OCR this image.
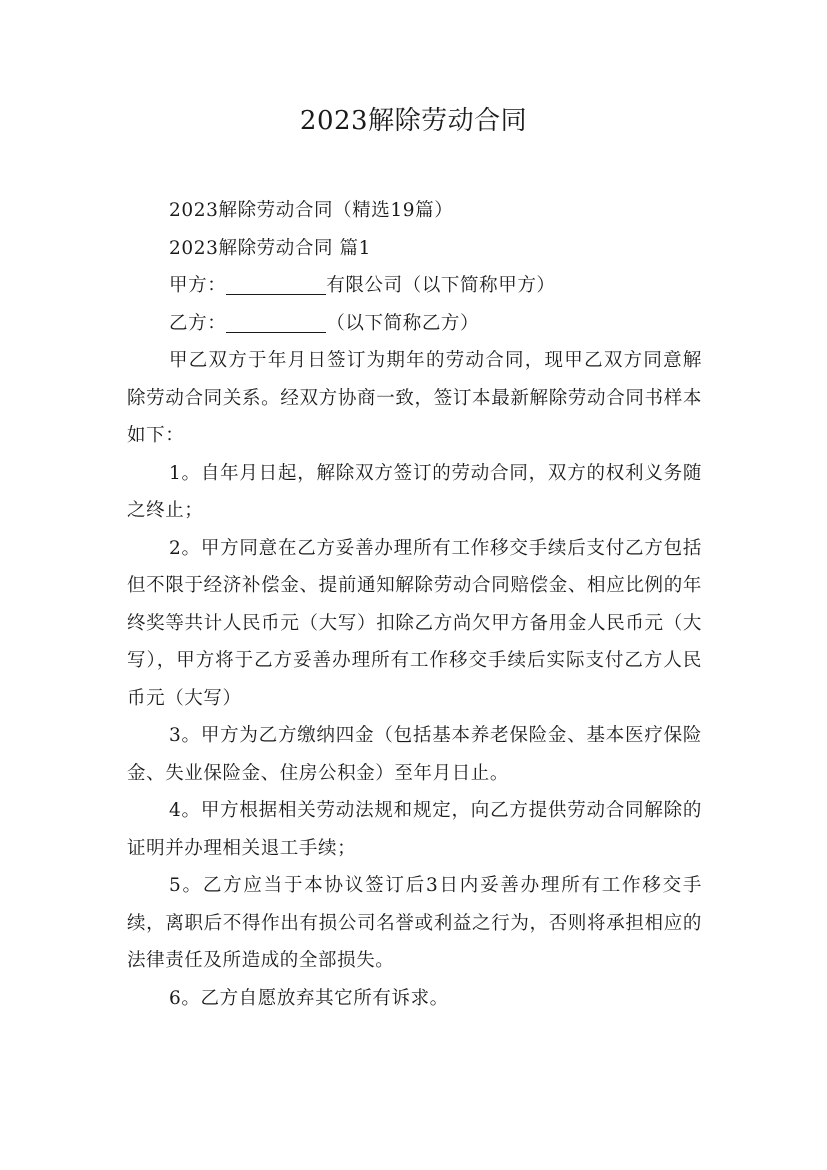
2023解除劳动合同

2023解除劳动合同（精选19篇）

2023解除劳动合同 篇1

甲方：	有限公司（以下简称甲方）

乙方：	（以下简称乙方）

甲乙双方于年月日签订为期年的劳动合同，现甲乙双方同意解除劳动合同关系。经双方协商一致，签订本最新解除劳动合同书样本如下：

1。自年月日起，解除双方签订的劳动合同，双方的权利义务随之终止；

2。甲方同意在乙方妥善办理所有工作移交手续后支付乙方包括但不限于经济补偿金、提前通知解除劳动合同赔偿金、相应比例的年终奖等共计人民币元（大写）扣除乙方尚欠甲方备用金人民币元（大写），甲方将于乙方妥善办理所有工作移交手续后实际支付乙方人民币元（大写）

3。甲方为乙方缴纳四金（包括基本养老保险金、基本医疗保险金、失业保险金、住房公积金）至年月日止。

4。甲方根据相关劳动法规和规定，向乙方提供劳动合同解除的证明并办理相关退工手续；

5。乙方应当于本协议签订后3日内妥善办理所有工作移交手续，离职后不得作出有损公司名誉或利益之行为，否则将承担相应的法律责任及所造成的全部损失。

6。乙方自愿放弃其它所有诉求。
